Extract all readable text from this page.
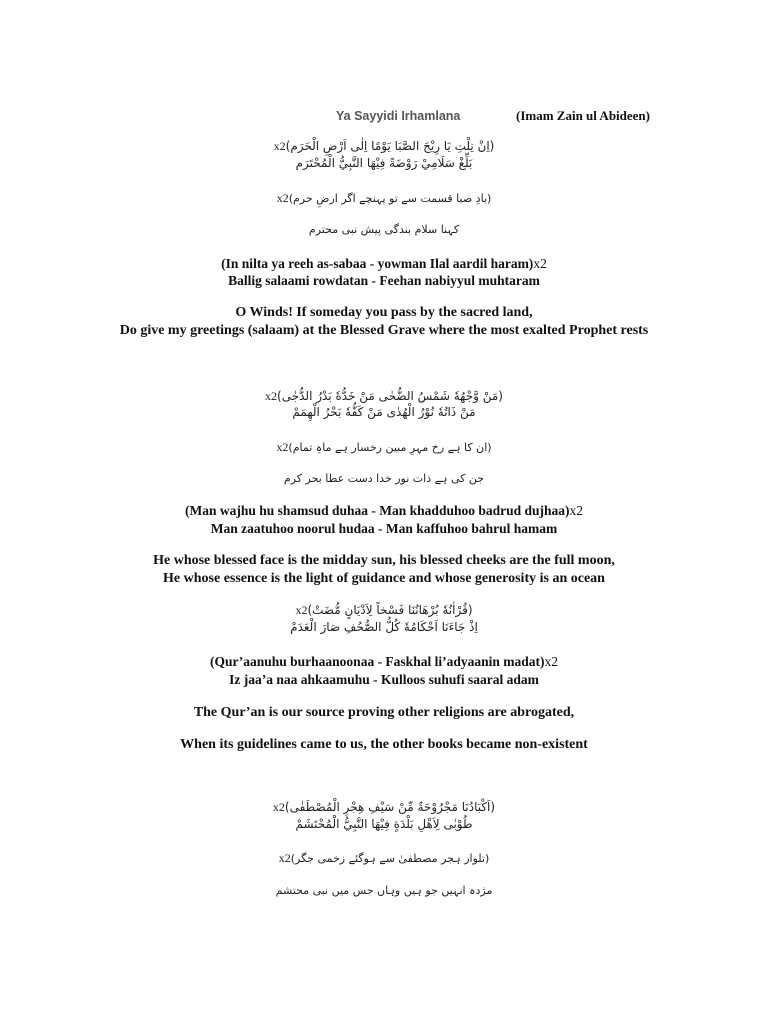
Ya Sayyidi Irhamlana	(Imam Zain ul Abideen)
(اِنْ نِلْتِ يَا رِيْحَ الصَّبَا يَوْمًا اِلٰى اَرْضِ الْحَرَم)x2
بَلِّغْ سَلَامِيْ رَوْضَةً فِيْهَا النَّبِيُّ الْمُحْتَرَم
(بادِ صبا قسمت سے تو پہنچے اگر ارضِ حرم)x2
کہنا سلام بندگی پیش نبی محترم
(In nilta ya reeh as-sabaa - yowman Ilal aardil haram)x2
Ballig salaami rowdatan - Feehan nabiyyul muhtaram
O Winds! If someday you pass by the sacred land,
Do give my greetings (salaam) at the Blessed Grave where the most exalted Prophet rests
(مَنْ وَّجْهُهٗ شَمْسُ الضُّحٰى مَنْ خَدُّهٗ بَدْرُ الدُّجٰى)x2
مَنْ ذَاتُهٗ نُوْرُ الْهُدٰى مَنْ كَفُّهٗ بَحْرُ الْهِمَمْ
(ان کا ہے رخ مہرِ مبین رخسار ہے ماہِ تمام)x2
جن کی ہے ذات نور خدا دست عطا بحر کرم
(Man wajhu hu shamsud duhaa - Man khadduhoo badrud dujhaa)x2
Man zaatuhoo noorul hudaa - Man kaffuhoo bahrul hamam
He whose blessed face is the midday sun, his blessed cheeks are the full moon,
He whose essence is the light of guidance and whose generosity is an ocean
(قُرْاٰنُهٗ بُرْهَانُنَا فَسْخاً لِاَدْيَانٍ مُّضَتْ)x2
اِذْ جَاءَنَا اَحْكَامُهٗ كُلُّ الصُّحُفِ صَارَ الْعَدَمْ
(Qur’aanuhu burhaanoonaa - Faskhal li’adyaanin madat)x2
Iz jaa’a naa ahkaamuhu - Kulloos suhufi saaral adam
The Qur’an is our source proving other religions are abrogated,
When its guidelines came to us, the other books became non-existent
(اَكْبَادُنَا مَجْرُوْحَةٌ مِّنْ سَيْفِ هِجْرِ الْمُصْطَفٰى)x2
طُوْبٰى لِاَهْلِ بَلْدَةٍ فِيْهَا النَّبِيُّ الْمُحْتَشَمْ
(تلوار ہجر مصطفیٰ سے ہوگئے زخمی جگر)x2
مژدہ انہیں جو ہیں وہاں جس میں نبی محتشم
